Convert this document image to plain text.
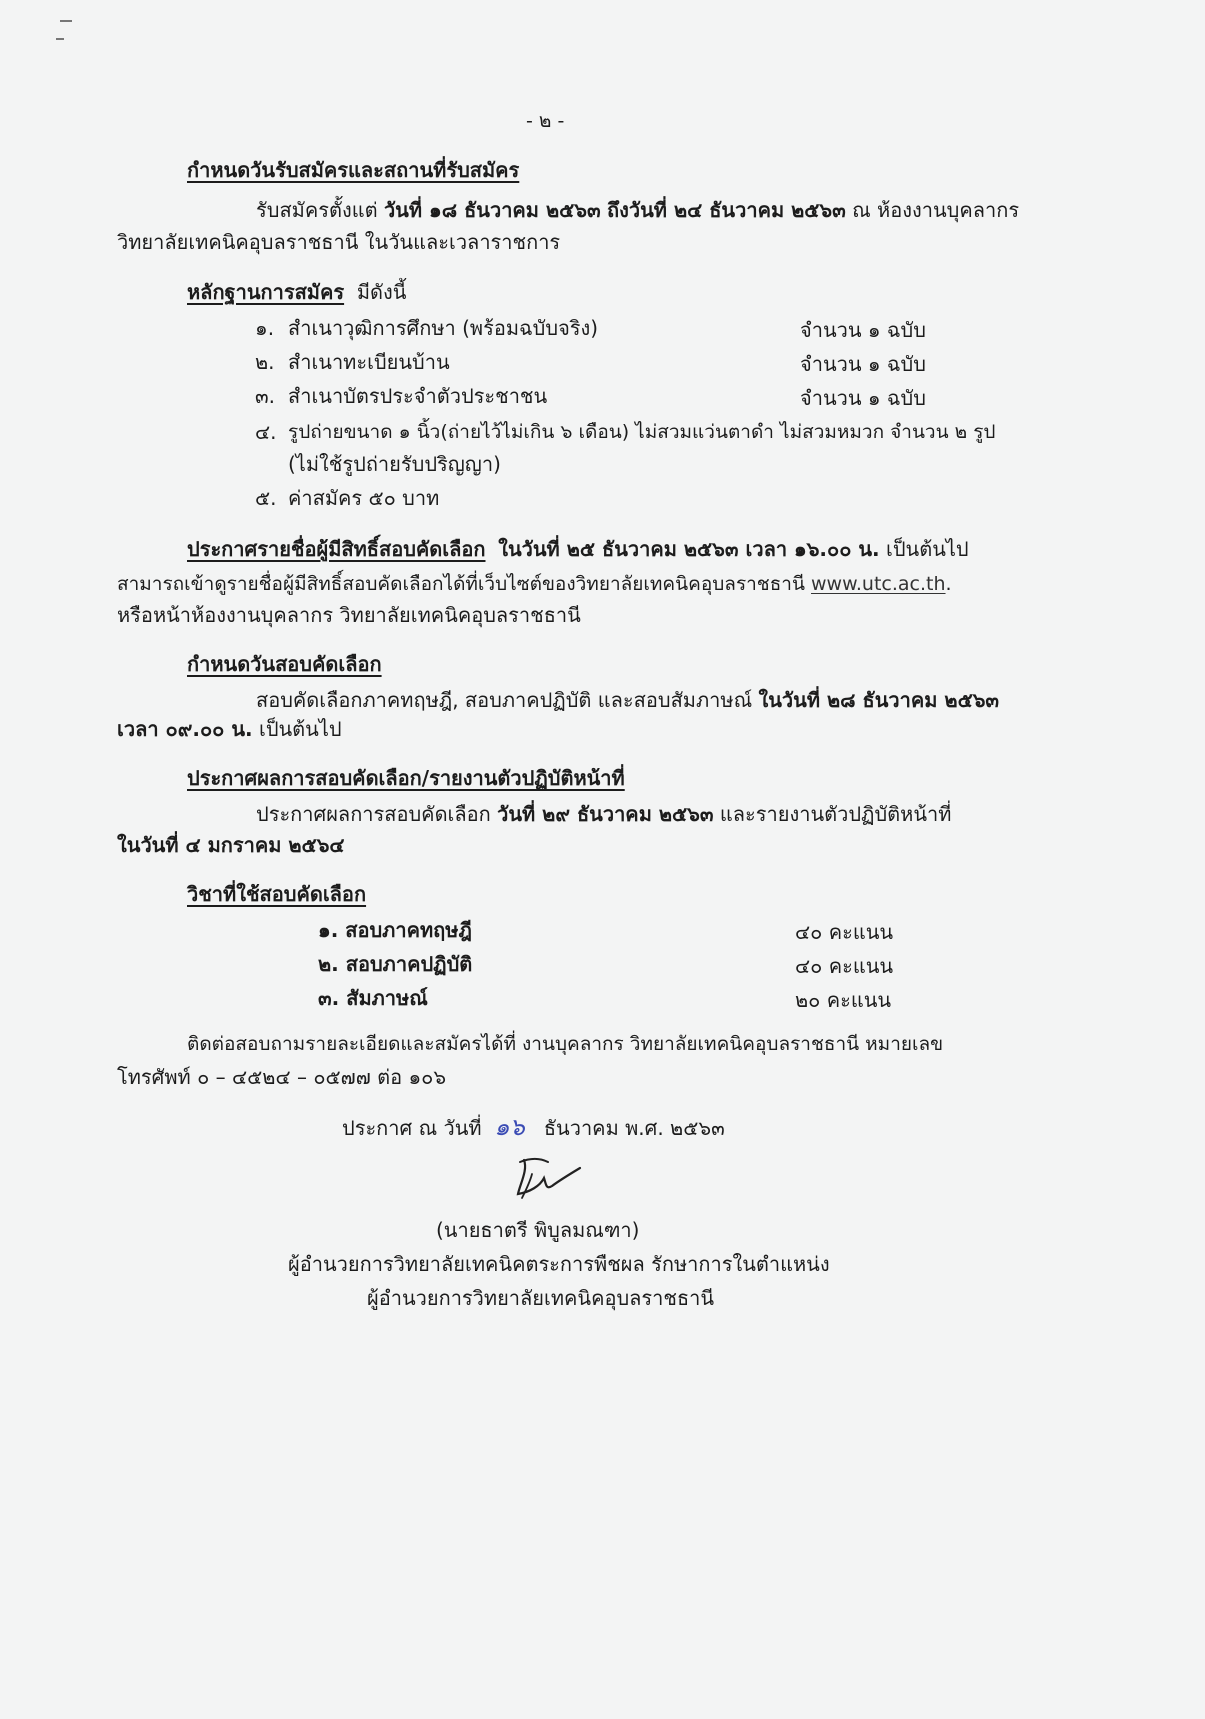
- ๒ -
กำหนดวันรับสมัครและสถานที่รับสมัคร
รับสมัครตั้งแต่ วันที่ ๑๘ ธันวาคม ๒๕๖๓ ถึงวันที่ ๒๔ ธันวาคม ๒๕๖๓ ณ ห้องงานบุคลากร
วิทยาลัยเทคนิคอุบลราชธานี ในวันและเวลาราชการ
หลักฐานการสมัคร มีดังนี้
๑. สำเนาวุฒิการศึกษา (พร้อมฉบับจริง)	จำนวน ๑ ฉบับ
๒. สำเนาทะเบียนบ้าน	จำนวน ๑ ฉบับ
๓. สำเนาบัตรประจำตัวประชาชน	จำนวน ๑ ฉบับ
๔. รูปถ่ายขนาด ๑ นิ้ว(ถ่ายไว้ไม่เกิน ๖ เดือน) ไม่สวมแว่นตาดำ ไม่สวมหมวก จำนวน ๒ รูป
(ไม่ใช้รูปถ่ายรับปริญญา)
๕. ค่าสมัคร ๕๐ บาท
ประกาศรายชื่อผู้มีสิทธิ์สอบคัดเลือก ในวันที่ ๒๕ ธันวาคม ๒๕๖๓ เวลา ๑๖.๐๐ น. เป็นต้นไป
สามารถเข้าดูรายชื่อผู้มีสิทธิ์สอบคัดเลือกได้ที่เว็บไซต์ของวิทยาลัยเทคนิคอุบลราชธานี www.utc.ac.th.
หรือหน้าห้องงานบุคลากร วิทยาลัยเทคนิคอุบลราชธานี
กำหนดวันสอบคัดเลือก
สอบคัดเลือกภาคทฤษฎี, สอบภาคปฏิบัติ และสอบสัมภาษณ์ ในวันที่ ๒๘ ธันวาคม ๒๕๖๓
เวลา ๐๙.๐๐ น. เป็นต้นไป
ประกาศผลการสอบคัดเลือก/รายงานตัวปฏิบัติหน้าที่
ประกาศผลการสอบคัดเลือก วันที่ ๒๙ ธันวาคม ๒๕๖๓ และรายงานตัวปฏิบัติหน้าที่
ในวันที่ ๔ มกราคม ๒๕๖๔
วิชาที่ใช้สอบคัดเลือก
๑. สอบภาคทฤษฎี	๔๐ คะแนน
๒. สอบภาคปฏิบัติ	๔๐ คะแนน
๓. สัมภาษณ์	๒๐ คะแนน
ติดต่อสอบถามรายละเอียดและสมัครได้ที่ งานบุคลากร วิทยาลัยเทคนิคอุบลราชธานี หมายเลข
โทรศัพท์ ๐ – ๔๕๒๔ – ๐๕๗๗ ต่อ ๑๐๖
ประกาศ ณ วันที่ ๑๖ ธันวาคม พ.ศ. ๒๕๖๓
(นายธาตรี พิบูลมณฑา)
ผู้อำนวยการวิทยาลัยเทคนิคตระการพืชผล รักษาการในตำแหน่ง
ผู้อำนวยการวิทยาลัยเทคนิคอุบลราชธานี
